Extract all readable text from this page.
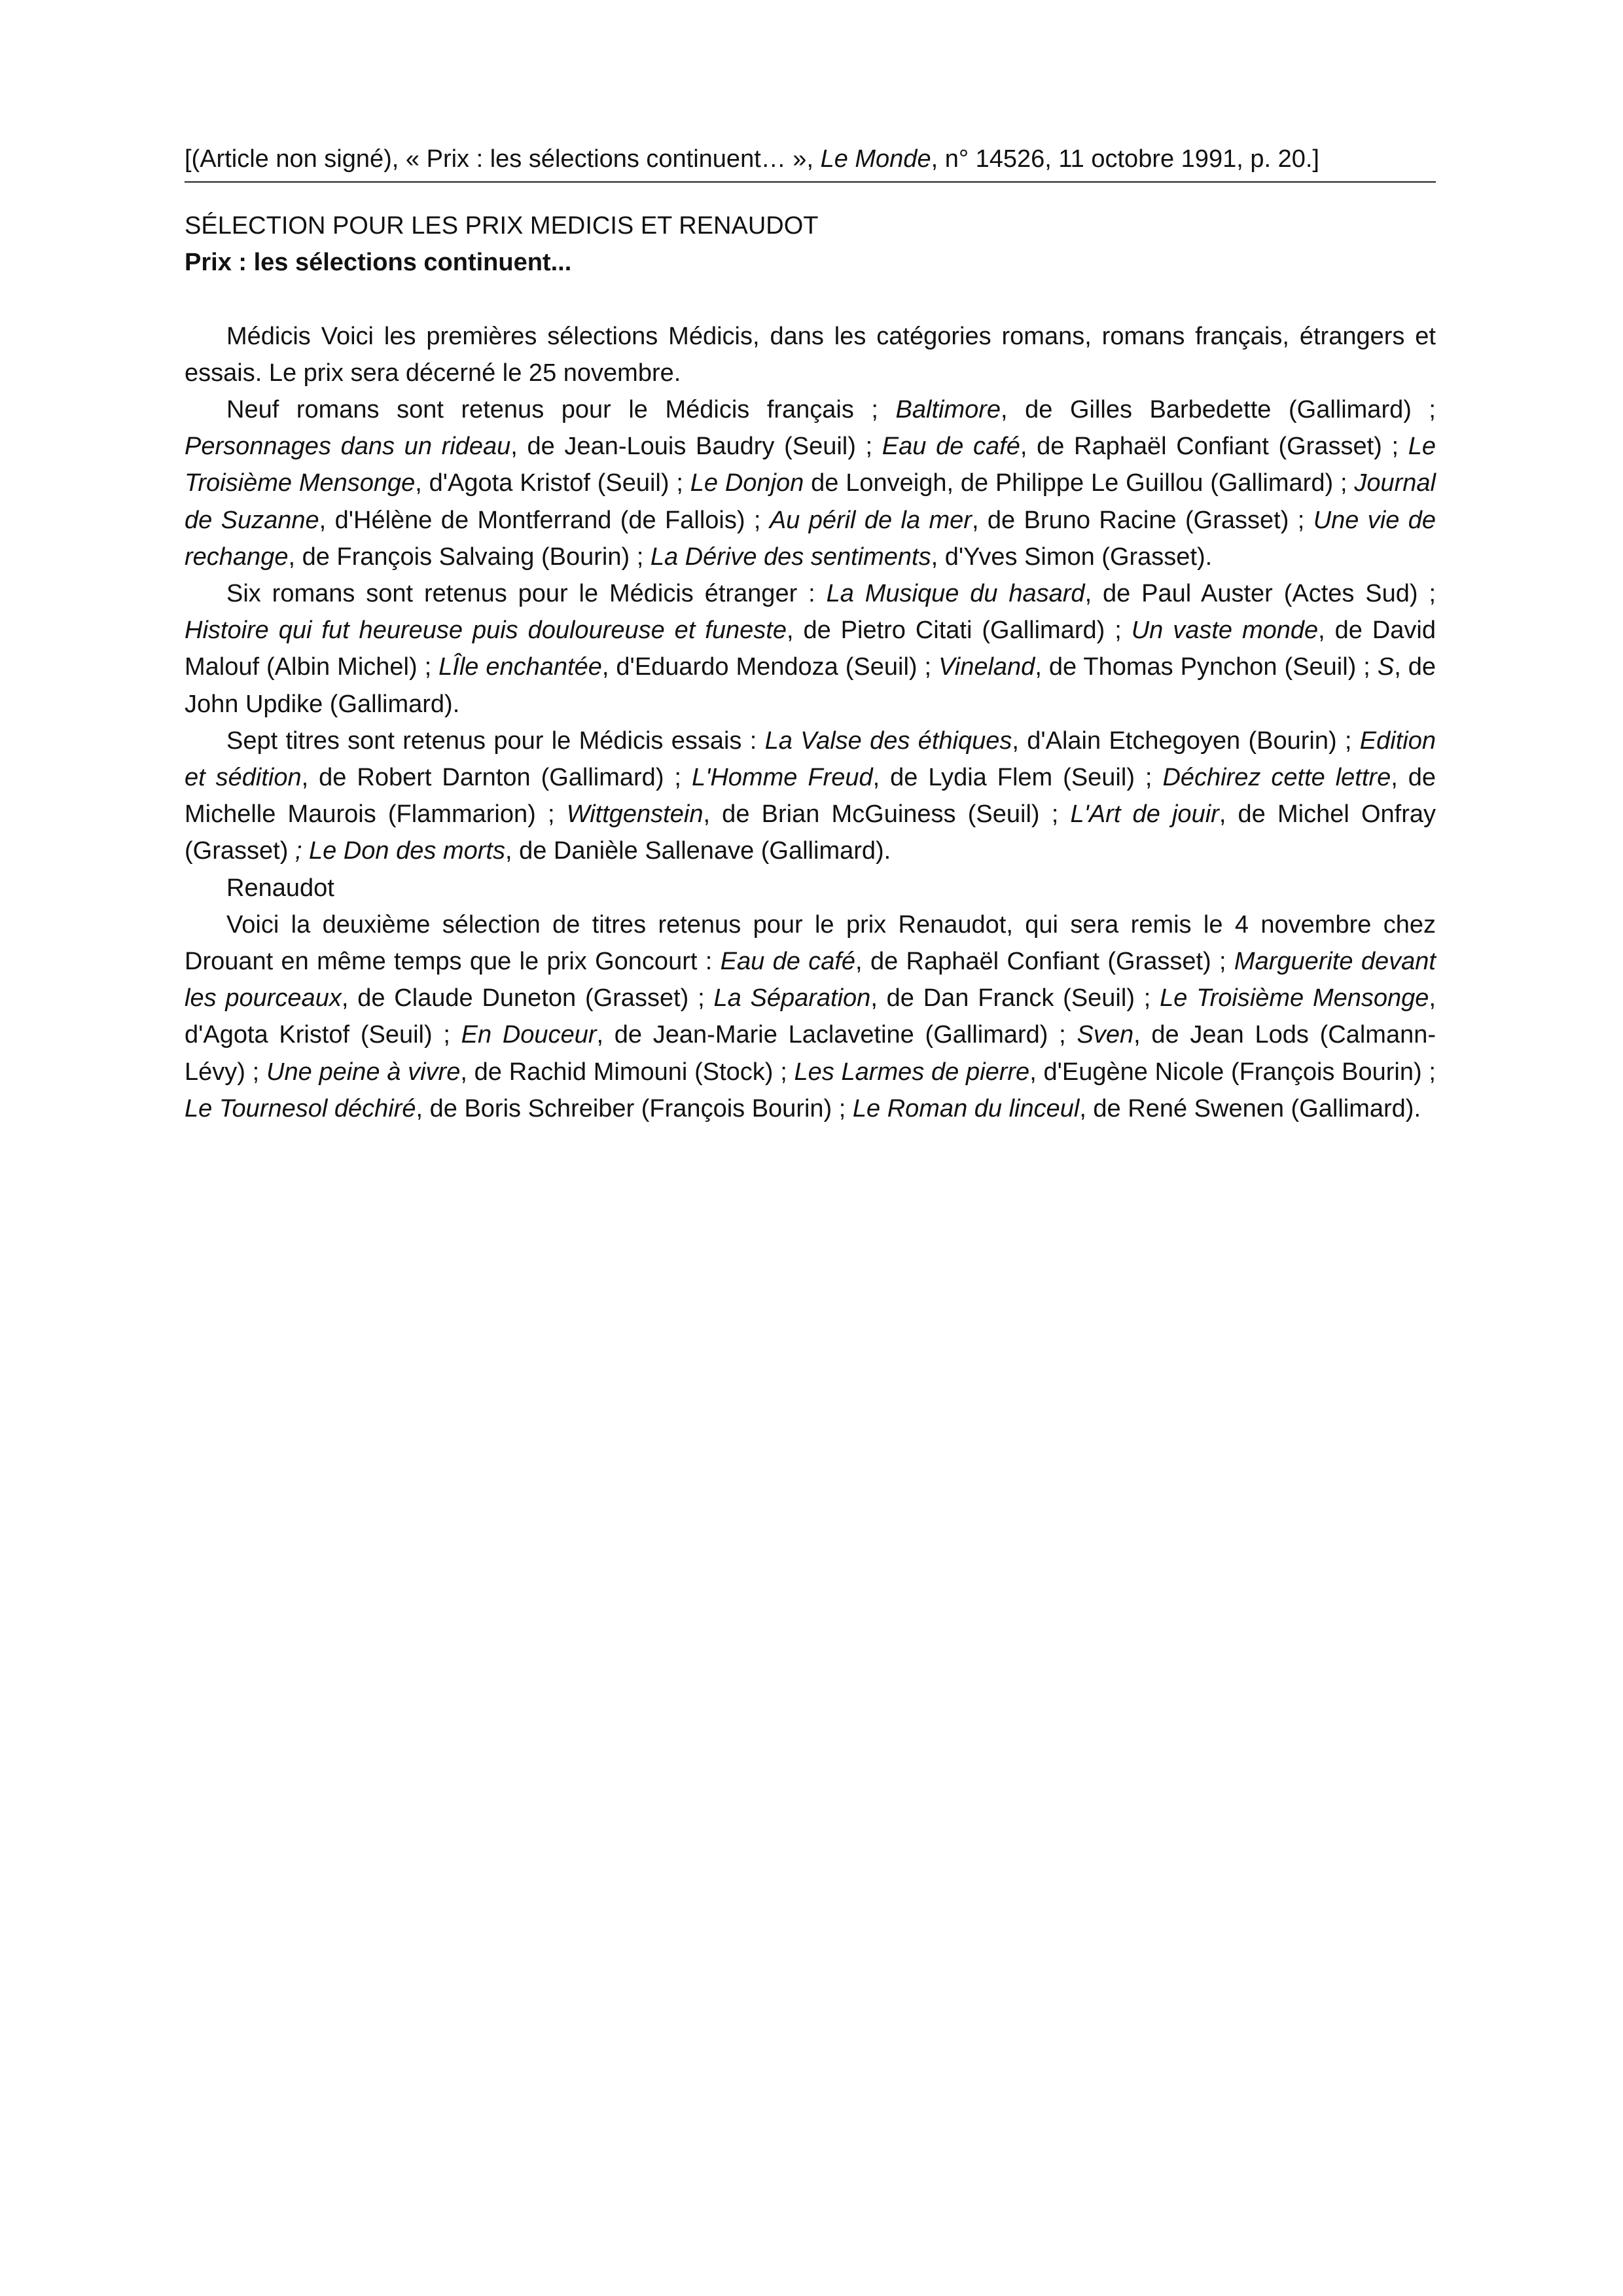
[(Article non signé), « Prix : les sélections continuent… », Le Monde, n° 14526, 11 octobre 1991, p. 20.]

SÉLECTION POUR LES PRIX MEDICIS ET RENAUDOT

Prix : les sélections continuent...

Médicis Voici les premières sélections Médicis, dans les catégories romans, romans français, étrangers et essais. Le prix sera décerné le 25 novembre.

Neuf romans sont retenus pour le Médicis français ; Baltimore, de Gilles Barbedette (Gallimard) ; Personnages dans un rideau, de Jean-Louis Baudry (Seuil) ; Eau de café, de Raphaël Confiant (Grasset) ; Le Troisième Mensonge, d'Agota Kristof (Seuil) ; Le Donjon de Lonveigh, de Philippe Le Guillou (Gallimard) ; Journal de Suzanne, d'Hélène de Montferrand (de Fallois) ; Au péril de la mer, de Bruno Racine (Grasset) ; Une vie de rechange, de François Salvaing (Bourin) ; La Dérive des sentiments, d'Yves Simon (Grasset).

Six romans sont retenus pour le Médicis étranger : La Musique du hasard, de Paul Auster (Actes Sud) ; Histoire qui fut heureuse puis douloureuse et funeste, de Pietro Citati (Gallimard) ; Un vaste monde, de David Malouf (Albin Michel) ; LÎle enchantée, d'Eduardo Mendoza (Seuil) ; Vineland, de Thomas Pynchon (Seuil) ; S, de John Updike (Gallimard).

Sept titres sont retenus pour le Médicis essais : La Valse des éthiques, d'Alain Etchegoyen (Bourin) ; Edition et sédition, de Robert Darnton (Gallimard) ; L'Homme Freud, de Lydia Flem (Seuil) ; Déchirez cette lettre, de Michelle Maurois (Flammarion) ; Wittgenstein, de Brian McGuiness (Seuil) ; L'Art de jouir, de Michel Onfray (Grasset) ; Le Don des morts, de Danièle Sallenave (Gallimard).

Renaudot

Voici la deuxième sélection de titres retenus pour le prix Renaudot, qui sera remis le 4 novembre chez Drouant en même temps que le prix Goncourt : Eau de café, de Raphaël Confiant (Grasset) ; Marguerite devant les pourceaux, de Claude Duneton (Grasset) ; La Séparation, de Dan Franck (Seuil) ; Le Troisième Mensonge, d'Agota Kristof (Seuil) ; En Douceur, de Jean-Marie Laclavetine (Gallimard) ; Sven, de Jean Lods (Calmann-Lévy) ; Une peine à vivre, de Rachid Mimouni (Stock) ; Les Larmes de pierre, d'Eugène Nicole (François Bourin) ; Le Tournesol déchiré, de Boris Schreiber (François Bourin) ; Le Roman du linceul, de René Swenen (Gallimard).
